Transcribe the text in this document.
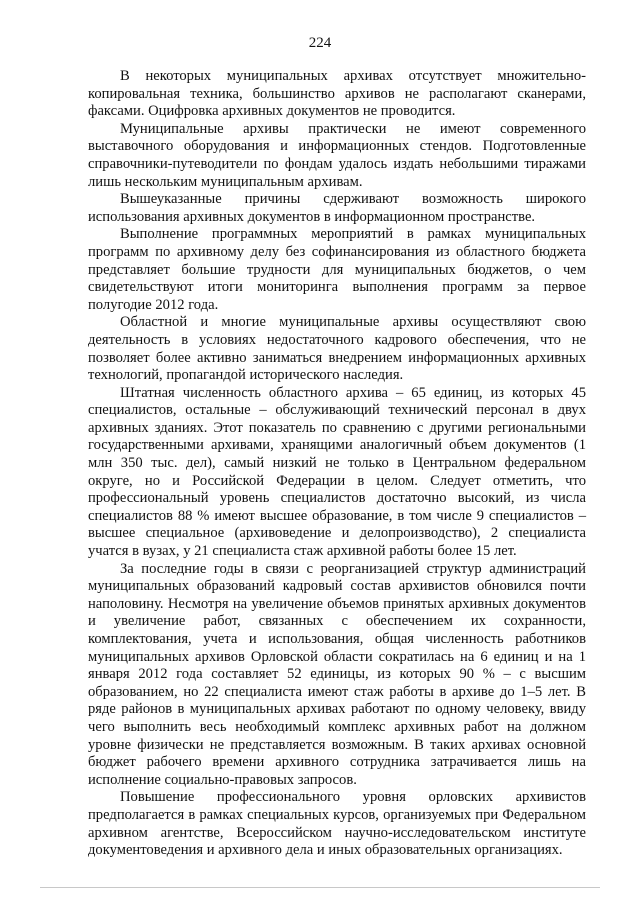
224

В некоторых муниципальных архивах отсутствует множительно-копировальная техника, большинство архивов не располагают сканерами, факсами. Оцифровка архивных документов не проводится.

Муниципальные архивы практически не имеют современного выставочного оборудования и информационных стендов. Подготовленные справочники-путеводители по фондам удалось издать небольшими тиражами лишь нескольким муниципальным архивам.

Вышеуказанные причины сдерживают возможность широкого использования архивных документов в информационном пространстве.

Выполнение программных мероприятий в рамках муниципальных программ по архивному делу без софинансирования из областного бюджета представляет большие трудности для муниципальных бюджетов, о чем свидетельствуют итоги мониторинга выполнения программ за первое полугодие 2012 года.

Областной и многие муниципальные архивы осуществляют свою деятельность в условиях недостаточного кадрового обеспечения, что не позволяет более активно заниматься внедрением информационных архивных технологий, пропагандой исторического наследия.

Штатная численность областного архива – 65 единиц, из которых 45 специалистов, остальные – обслуживающий технический персонал в двух архивных зданиях. Этот показатель по сравнению с другими региональными государственными архивами, хранящими аналогичный объем документов (1 млн 350 тыс. дел), самый низкий не только в Центральном федеральном округе, но и Российской Федерации в целом. Следует отметить, что профессиональный уровень специалистов достаточно высокий, из числа специалистов 88 % имеют высшее образование, в том числе 9 специалистов – высшее специальное (архивоведение и делопроизводство), 2 специалиста учатся в вузах, у 21 специалиста стаж архивной работы более 15 лет.

За последние годы в связи с реорганизацией структур администраций муниципальных образований кадровый состав архивистов обновился почти наполовину. Несмотря на увеличение объемов принятых архивных документов и увеличение работ, связанных с обеспечением их сохранности, комплектования, учета и использования, общая численность работников муниципальных архивов Орловской области сократилась на 6 единиц и на 1 января 2012 года составляет 52 единицы, из которых 90 % – с высшим образованием, но 22 специалиста имеют стаж работы в архиве до 1–5 лет. В ряде районов в муниципальных архивах работают по одному человеку, ввиду чего выполнить весь необходимый комплекс архивных работ на должном уровне физически не представляется возможным. В таких архивах основной бюджет рабочего времени архивного сотрудника затрачивается лишь на исполнение социально-правовых запросов.

Повышение профессионального уровня орловских архивистов предполагается в рамках специальных курсов, организуемых при Федеральном архивном агентстве, Всероссийском научно-исследовательском институте документоведения и архивного дела и иных образовательных организациях.
